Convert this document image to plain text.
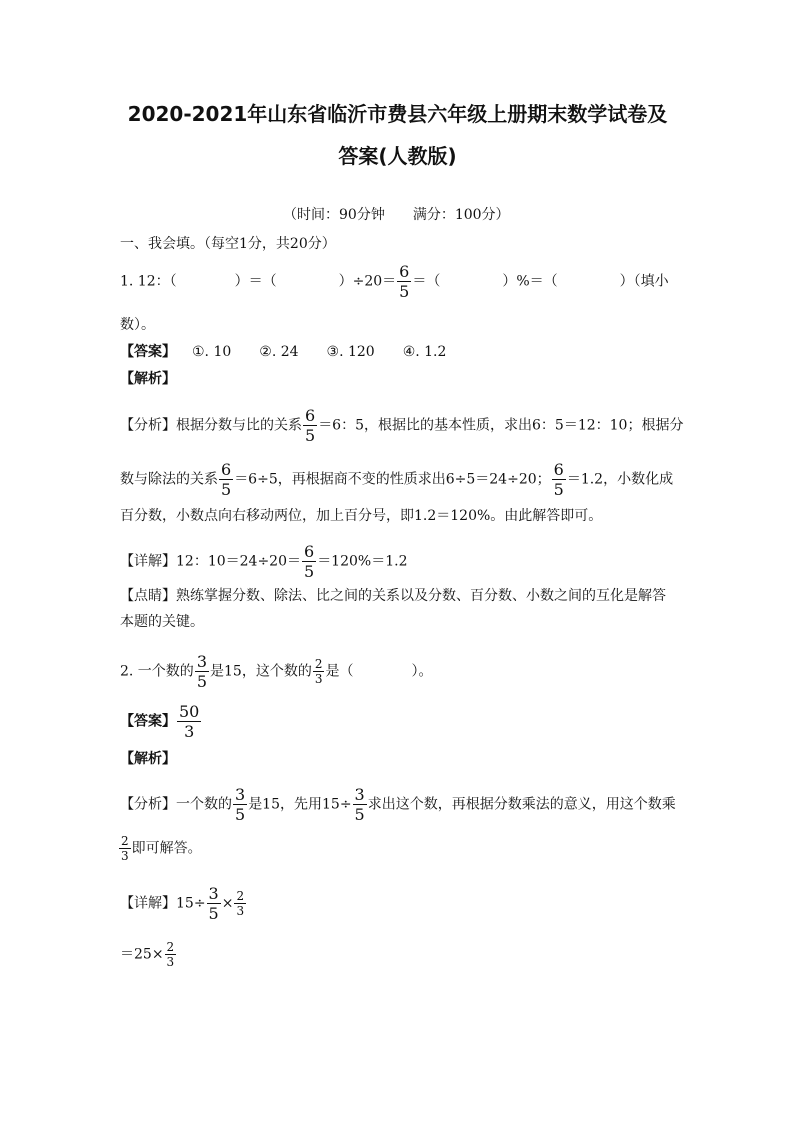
2020-2021年山东省临沂市费县六年级上册期末数学试卷及
答案(人教版)
（时间：90分钟　　满分：100分）
一、我会填。（每空1分，共20分）
1. 12：（	）＝（	）$\div 20= \frac{6}{5}$ ＝（	）%＝（	）（填小
数）。
【答案】 ①. 10　　②. 24　　③. 120　　④. 1.2
【解析】
【分析】根据分数与比的关系 $\frac{6}{5} =6$：5，根据比的基本性质，求出6：5＝12：10；根据分
数与除法的关系 $\frac{6}{5} =6\div 5$，再根据商不变的性质求出6÷5＝24÷20； $\frac{6}{5} =1.2$，小数化成
百分数，小数点向右移动两位，加上百分号，即1.2＝120%。由此解答即可。
【详解】12：$10=24\div 20= \frac{6}{5} =120\%=1.2$
【点睛】熟练掌握分数、除法、比之间的关系以及分数、百分数、小数之间的互化是解答
本题的关键。
2. 一个数的 $\frac{3}{5}$ 是15，这个数的 $\frac{2}{3}$ 是（	）。
【答案】 $\frac{50}{3}$
【解析】
【分析】一个数的 $\frac{3}{5}$ 是15，先用$15\div \frac{3}{5}$ 求出这个数，再根据分数乘法的意义，用这个数乘
$\frac{2}{3}$ 即可解答。
【详解】$15\div \frac{3}{5} \times \frac{2}{3}$
$=25\times \frac{2}{3}$
